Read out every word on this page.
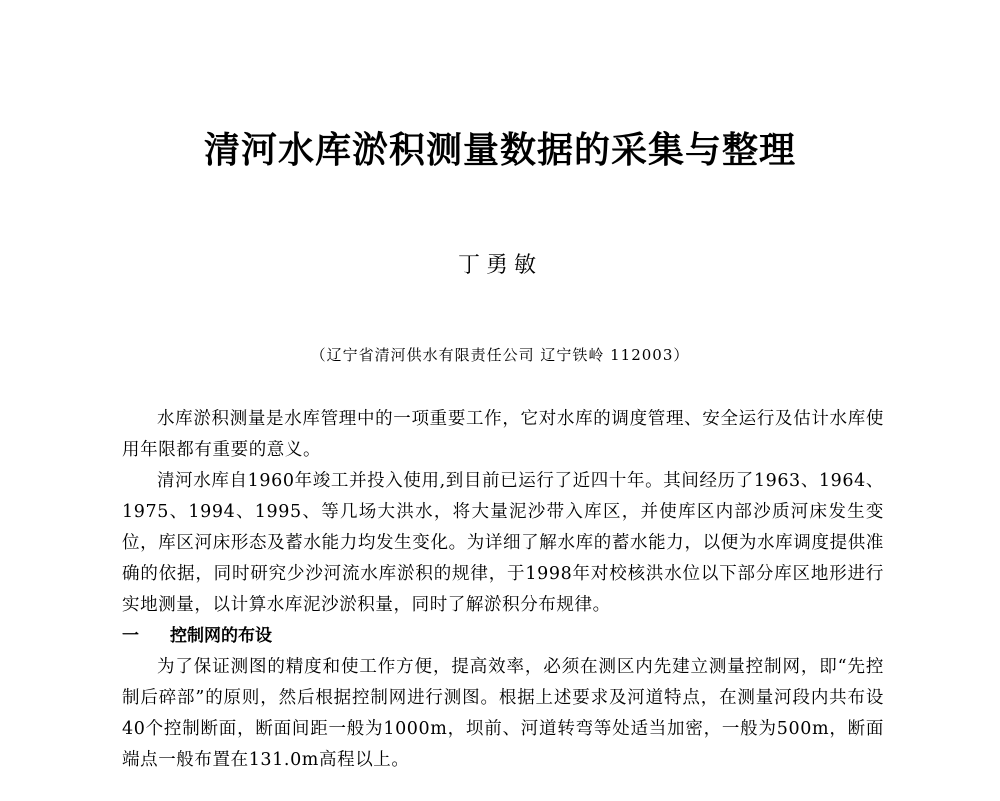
清河水库淤积测量数据的采集与整理
丁勇敏
（辽宁省清河供水有限责任公司 辽宁铁岭 112003）

水库淤积测量是水库管理中的一项重要工作，它对水库的调度管理、安全运行及估计水库使用年限都有重要的意义。

清河水库自1960年竣工并投入使用,到目前已运行了近四十年。其间经历了1963、1964、1975、1994、1995、等几场大洪水，将大量泥沙带入库区，并使库区内部沙质河床发生变位，库区河床形态及蓄水能力均发生变化。为详细了解水库的蓄水能力，以便为水库调度提供准确的依据，同时研究少沙河流水库淤积的规律，于1998年对校核洪水位以下部分库区地形进行实地测量，以计算水库泥沙淤积量，同时了解淤积分布规律。

一 控制网的布设

为了保证测图的精度和使工作方便，提高效率，必须在测区内先建立测量控制网，即“先控制后碎部”的原则，然后根据控制网进行测图。根据上述要求及河道特点，在测量河段内共布设40个控制断面，断面间距一般为1000m，坝前、河道转弯等处适当加密，一般为500m，断面端点一般布置在131.0m高程以上。
